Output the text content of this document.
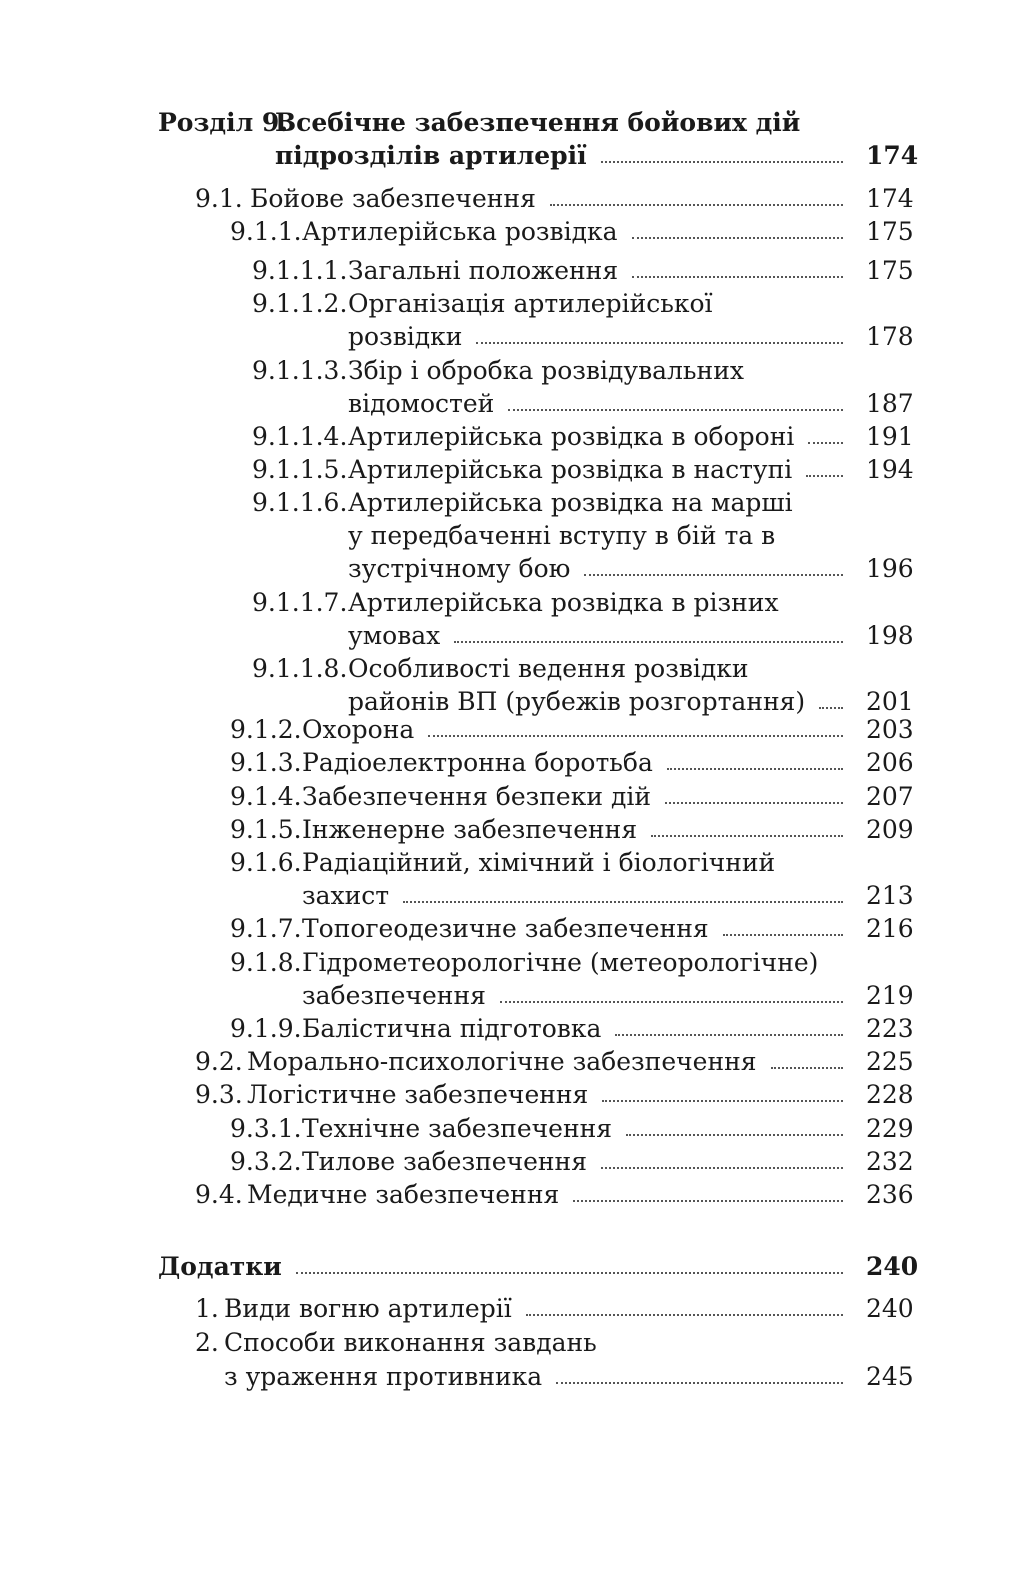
Розділ 9.
Всебічне забезпечення бойових дій
підрозділів артилерії	174
9.1. Бойове забезпечення	174
9.1.1. Артилерійська розвідка	175
9.1.1.1. Загальні положення	175
9.1.1.2. Організація артилерійської
розвідки	178
9.1.1.3. Збір і обробка розвідувальних
відомостей	187
9.1.1.4. Артилерійська розвідка в обороні	191
9.1.1.5. Артилерійська розвідка в наступі	194
9.1.1.6. Артилерійська розвідка на марші
у передбаченні вступу в бій та в
зустрічному бою	196
9.1.1.7. Артилерійська розвідка в різних
умовах	198
9.1.1.8. Особливості ведення розвідки
районів ВП (рубежів розгортання) 201
9.1.2. Охорона	203
9.1.3. Радіоелектронна боротьба	206
9.1.4. Забезпечення безпеки дій	207
9.1.5. Інженерне забезпечення	209
9.1.6. Радіаційний, хімічний і біологічний
захист	213
9.1.7. Топогеодезичне забезпечення	216
9.1.8. Гідрометеорологічне (метеорологічне)
забезпечення	219
9.1.9. Балістична підготовка	223
9.2. Морально-психологічне забезпечення	225
9.3. Логістичне забезпечення	228
9.3.1. Технічне забезпечення	229
9.3.2. Тилове забезпечення	232
9.4. Медичне забезпечення	236
Додатки	240
1. Види вогню артилерії	240
2. Способи виконання завдань
з ураження противника	245
